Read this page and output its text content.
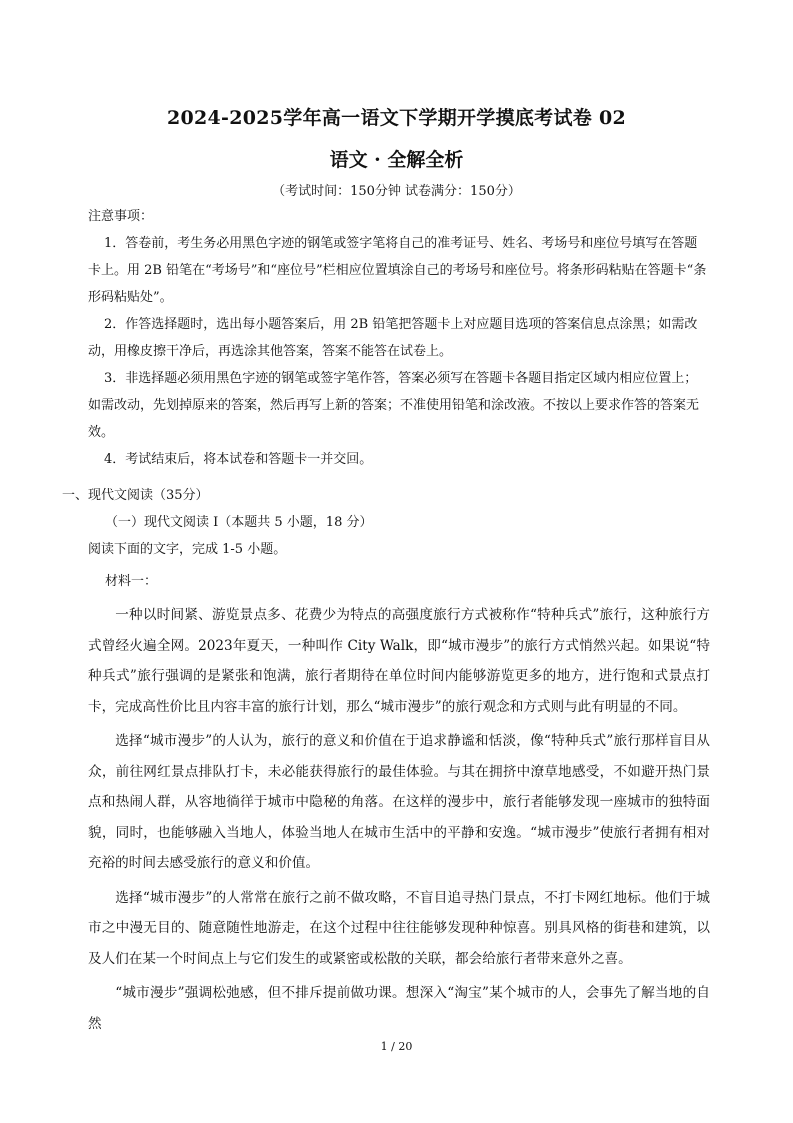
2024-2025学年高一语文下学期开学摸底考试卷 02
语文 · 全解全析
（考试时间：150分钟 试卷满分：150分）
注意事项：

1．答卷前，考生务必用黑色字迹的钢笔或签字笔将自己的准考证号、姓名、考场号和座位号填写在答题卡上。用 2B 铅笔在“考场号”和“座位号”栏相应位置填涂自己的考场号和座位号。将条形码粘贴在答题卡“条形码粘贴处”。

2．作答选择题时，选出每小题答案后，用 2B 铅笔把答题卡上对应题目选项的答案信息点涂黑；如需改动，用橡皮擦干净后，再选涂其他答案，答案不能答在试卷上。

3．非选择题必须用黑色字迹的钢笔或签字笔作答，答案必须写在答题卡各题目指定区域内相应位置上；如需改动，先划掉原来的答案，然后再写上新的答案；不准使用铅笔和涂改液。不按以上要求作答的答案无效。

4．考试结束后，将本试卷和答题卡一并交回。

一、现代文阅读（35分）
（一）现代文阅读 I（本题共 5 小题，18 分）
阅读下面的文字，完成 1-5 小题。
材料一：

一种以时间紧、游览景点多、花费少为特点的高强度旅行方式被称作“特种兵式”旅行，这种旅行方式曾经火遍全网。2023年夏天，一种叫作 City Walk，即“城市漫步”的旅行方式悄然兴起。如果说“特种兵式”旅行强调的是紧张和饱满，旅行者期待在单位时间内能够游览更多的地方，进行饱和式景点打卡，完成高性价比且内容丰富的旅行计划，那么“城市漫步”的旅行观念和方式则与此有明显的不同。

选择“城市漫步”的人认为，旅行的意义和价值在于追求静谧和恬淡，像“特种兵式”旅行那样盲目从众，前往网红景点排队打卡，未必能获得旅行的最佳体验。与其在拥挤中潦草地感受，不如避开热门景点和热闹人群，从容地徜徉于城市中隐秘的角落。在这样的漫步中，旅行者能够发现一座城市的独特面貌，同时，也能够融入当地人，体验当地人在城市生活中的平静和安逸。“城市漫步”使旅行者拥有相对充裕的时间去感受旅行的意义和价值。

选择“城市漫步”的人常常在旅行之前不做攻略，不盲目追寻热门景点，不打卡网红地标。他们于城市之中漫无目的、随意随性地游走，在这个过程中往往能够发现种种惊喜。别具风格的街巷和建筑，以及人们在某一个时间点上与它们发生的或紧密或松散的关联，都会给旅行者带来意外之喜。

“城市漫步”强调松弛感，但不排斥提前做功课。想深入“淘宝”某个城市的人，会事先了解当地的自然

1 / 20
